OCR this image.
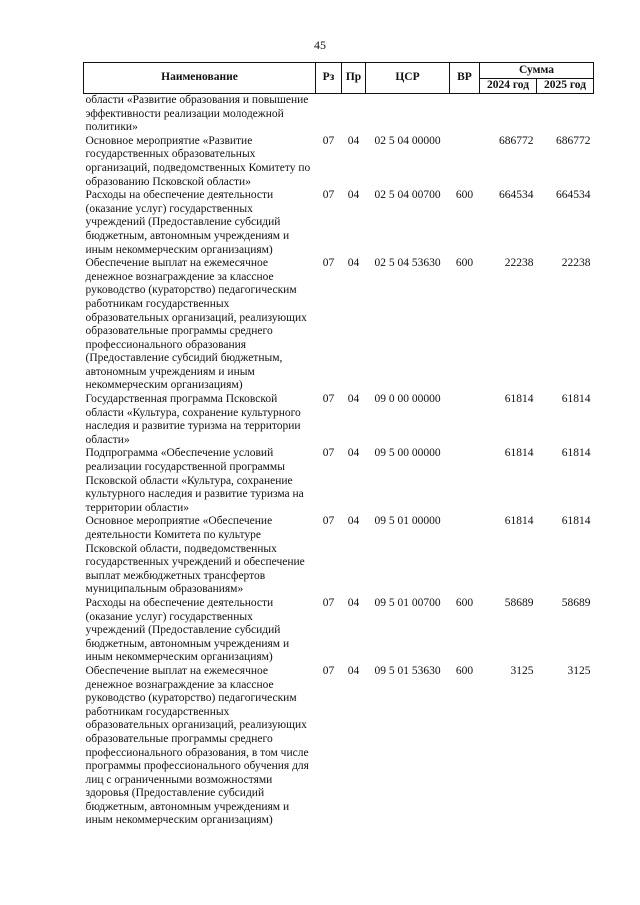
45
Наименование	Рз	Пр	ЦСР	ВР	Сумма	
					2024 год	2025 год
области «Развитие образования и повышение эффективности реализации молодежной политики»						
Основное мероприятие «Развитие государственных образовательных организаций, подведомственных Комитету по образованию Псковской области»	07	04	02 5 04 00000		686772	686772
Расходы на обеспечение деятельности (оказание услуг) государственных учреждений (Предоставление субсидий бюджетным, автономным учреждениям и иным некоммерческим организациям)	07	04	02 5 04 00700	600	664534	664534
Обеспечение выплат на ежемесячное денежное вознаграждение за классное руководство (кураторство) педагогическим работникам государственных образовательных организаций, реализующих образовательные программы среднего профессионального образования (Предоставление субсидий бюджетным, автономным учреждениям и иным некоммерческим организациям)	07	04	02 5 04 53630	600	22238	22238
Государственная программа Псковской области «Культура, сохранение культурного наследия и развитие туризма на территории области»	07	04	09 0 00 00000		61814	61814
Подпрограмма «Обеспечение условий реализации государственной программы Псковской области «Культура, сохранение культурного наследия и развитие туризма на территории области»	07	04	09 5 00 00000		61814	61814
Основное мероприятие «Обеспечение деятельности Комитета по культуре Псковской области, подведомственных государственных учреждений и обеспечение выплат межбюджетных трансфертов муниципальным образованиям»	07	04	09 5 01 00000		61814	61814
Расходы на обеспечение деятельности (оказание услуг) государственных учреждений (Предоставление субсидий бюджетным, автономным учреждениям и иным некоммерческим организациям)	07	04	09 5 01 00700	600	58689	58689
Обеспечение выплат на ежемесячное денежное вознаграждение за классное руководство (кураторство) педагогическим работникам государственных образовательных организаций, реализующих образовательные программы среднего профессионального образования, в том числе программы профессионального обучения для лиц с ограниченными возможностями здоровья (Предоставление субсидий бюджетным, автономным учреждениям и иным некоммерческим организациям)	07	04	09 5 01 53630	600	3125	3125
